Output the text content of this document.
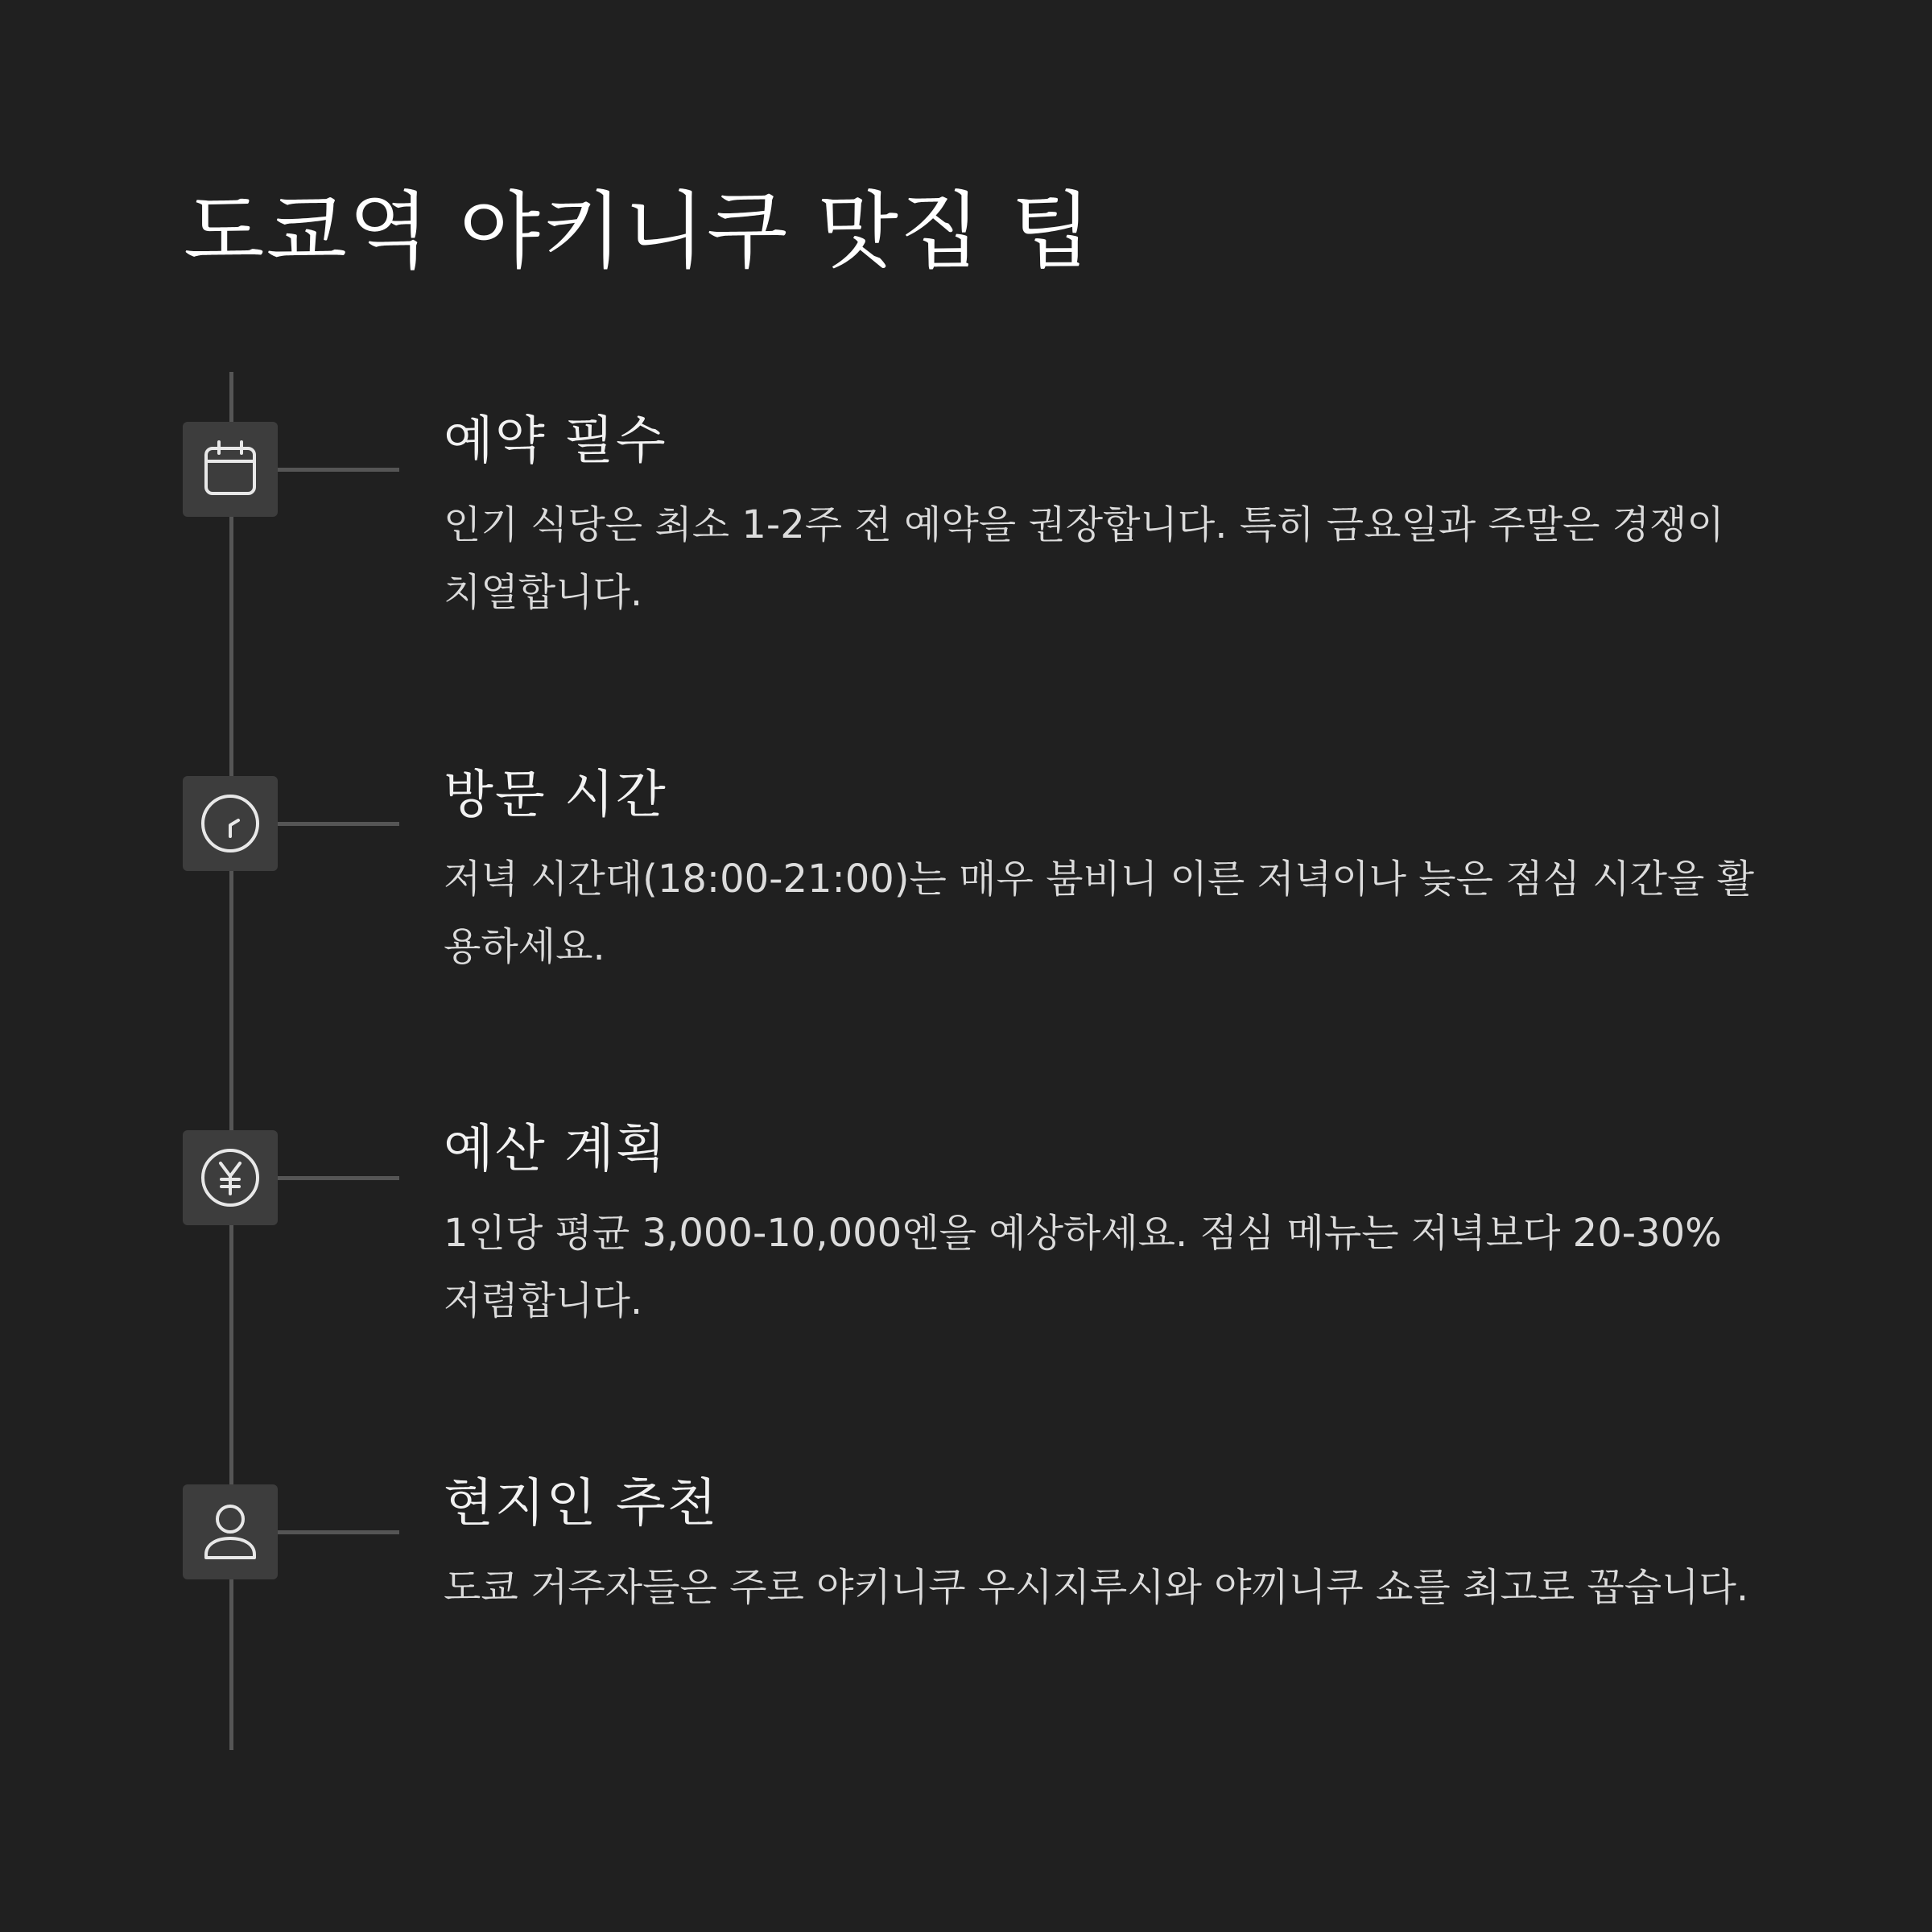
도쿄역 야키니쿠 맛집 팁
예약 필수
인기 식당은 최소 1-2주 전 예약을 권장합니다. 특히 금요일과 주말은 경쟁이 치열합니다.
방문 시간
저녁 시간대(18:00-21:00)는 매우 붐비니 이른 저녁이나 늦은 점심 시간을 활용하세요.
예산 계획
1인당 평균 3,000-10,000엔을 예상하세요. 점심 메뉴는 저녁보다 20-30% 저렴합니다.
현지인 추천
도쿄 거주자들은 주로 야키니쿠 우시지루시와 야끼니쿠 쇼를 최고로 꼽습니다.
